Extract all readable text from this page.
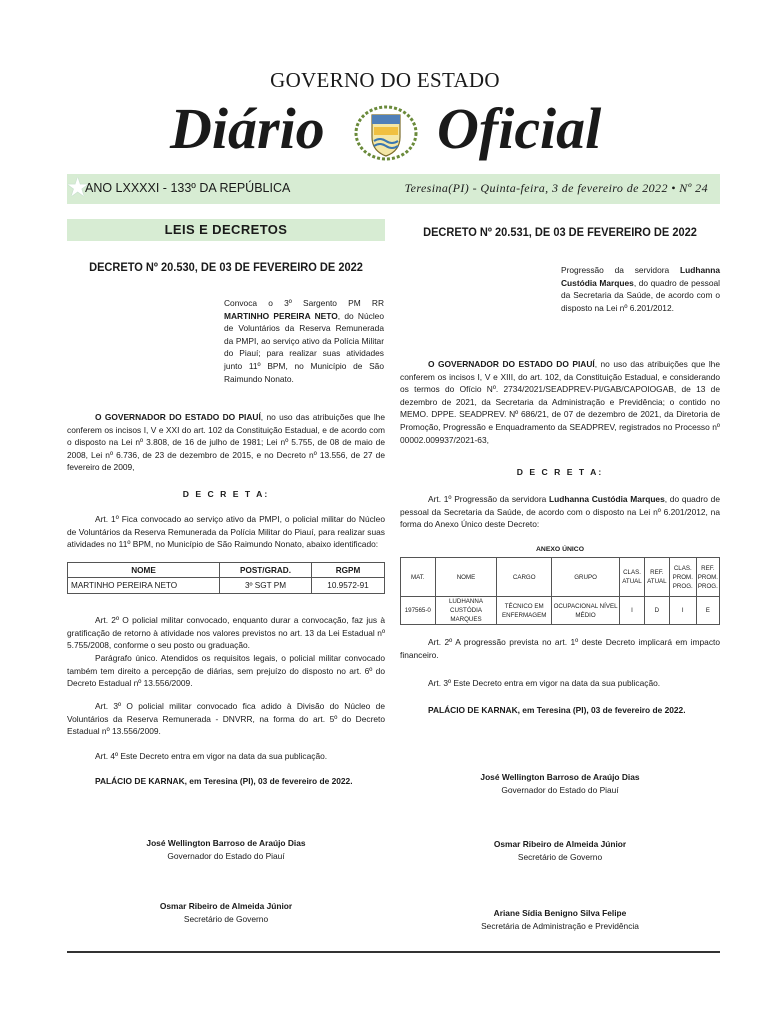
GOVERNO DO ESTADO
Diário Oficial
★
ANO LXXXXI - 133º DA REPÚBLICA	Teresina(PI) - Quinta-feira, 3 de fevereiro de 2022 • Nº 24
LEIS E DECRETOS
DECRETO Nº 20.530, DE 03 DE FEVEREIRO DE 2022
Convoca o 3º Sargento PM RR MARTINHO PEREIRA NETO, do Núcleo de Voluntários da Reserva Remunerada da PMPI, ao serviço ativo da Polícia Militar do Piauí; para realizar suas atividades junto 11º BPM, no Município de São Raimundo Nonato.
O GOVERNADOR DO ESTADO DO PIAUÍ, no uso das atribuições que lhe conferem os incisos I, V e XXI do art. 102 da Constituição Estadual, e de acordo com o disposto na Lei nº 3.808, de 16 de julho de 1981; Lei nº 5.755, de 08 de maio de 2008, Lei nº 6.736, de 23 de dezembro de 2015, e no Decreto nº 13.556, de 27 de fevereiro de 2009,
D E C R E T A:
Art. 1º Fica convocado ao serviço ativo da PMPI, o policial militar do Núcleo de Voluntários da Reserva Remunerada da Polícia Militar do Piauí, para realizar suas atividades no 11º BPM, no Município de São Raimundo Nonato, abaixo identificado:
NOME	POST/GRAD.	RGPM
MARTINHO PEREIRA NETO	3º SGT PM	10.9572-91
Art. 2º O policial militar convocado, enquanto durar a convocação, faz jus à gratificação de retorno à atividade nos valores previstos no art. 13 da Lei Estadual nº 5.755/2008, conforme o seu posto ou graduação.
Parágrafo único. Atendidos os requisitos legais, o policial militar convocado também tem direito a percepção de diárias, sem prejuízo do disposto no art. 6º do Decreto Estadual nº 13.556/2009.
Art. 3º O policial militar convocado fica adido à Divisão do Núcleo de Voluntários da Reserva Remunerada - DNVRR, na forma do art. 5º do Decreto Estadual nº 13.556/2009.
Art. 4º Este Decreto entra em vigor na data da sua publicação.
PALÁCIO DE KARNAK, em Teresina (PI), 03 de fevereiro de 2022.
José Wellington Barroso de Araújo Dias
Governador do Estado do Piauí
Osmar Ribeiro de Almeida Júnior
Secretário de Governo
DECRETO Nº 20.531, DE 03 DE FEVEREIRO DE 2022
Progressão da servidora Ludhanna Custódia Marques, do quadro de pessoal da Secretaria da Saúde, de acordo com o disposto na Lei nº 6.201/2012.
O GOVERNADOR DO ESTADO DO PIAUÍ, no uso das atribuições que lhe conferem os incisos I, V e XIII, do art. 102, da Constituição Estadual, e considerando os termos do Ofício Nº. 2734/2021/SEADPREV-PI/GAB/CAPOIOGAB, de 13 de dezembro de 2021, da Secretaria da Administração e Previdência; o contido no MEMO. DPPE. SEADPREV. Nº 686/21, de 07 de dezembro de 2021, da Diretoria de Promoção, Progressão e Enquadramento da SEADPREV, registrados no Processo nº 00002.009937/2021-63,
D E C R E T A:
Art. 1º Progressão da servidora Ludhanna Custódia Marques, do quadro de pessoal da Secretaria da Saúde, de acordo com o disposto na Lei nº 6.201/2012, na forma do Anexo Único deste Decreto:
ANEXO ÚNICO
MAT.	NOME	CARGO	GRUPO	CLAS. ATUAL	REF. ATUAL	CLAS. PROM. PROG.	REF. PROM. PROG.
197565-0	LUDHANNA CUSTÓDIA MARQUES	TÉCNICO EM ENFERMAGEM	OCUPACIONAL NÍVEL MÉDIO	I	D	I	E
Art. 2º A progressão prevista no art. 1º deste Decreto implicará em impacto financeiro.
Art. 3º Este Decreto entra em vigor na data da sua publicação.
PALÁCIO DE KARNAK, em Teresina (PI), 03 de fevereiro de 2022.
José Wellington Barroso de Araújo Dias
Governador do Estado do Piauí
Osmar Ribeiro de Almeida Júnior
Secretário de Governo
Ariane Sídia Benigno Silva Felipe
Secretária de Administração e Previdência
